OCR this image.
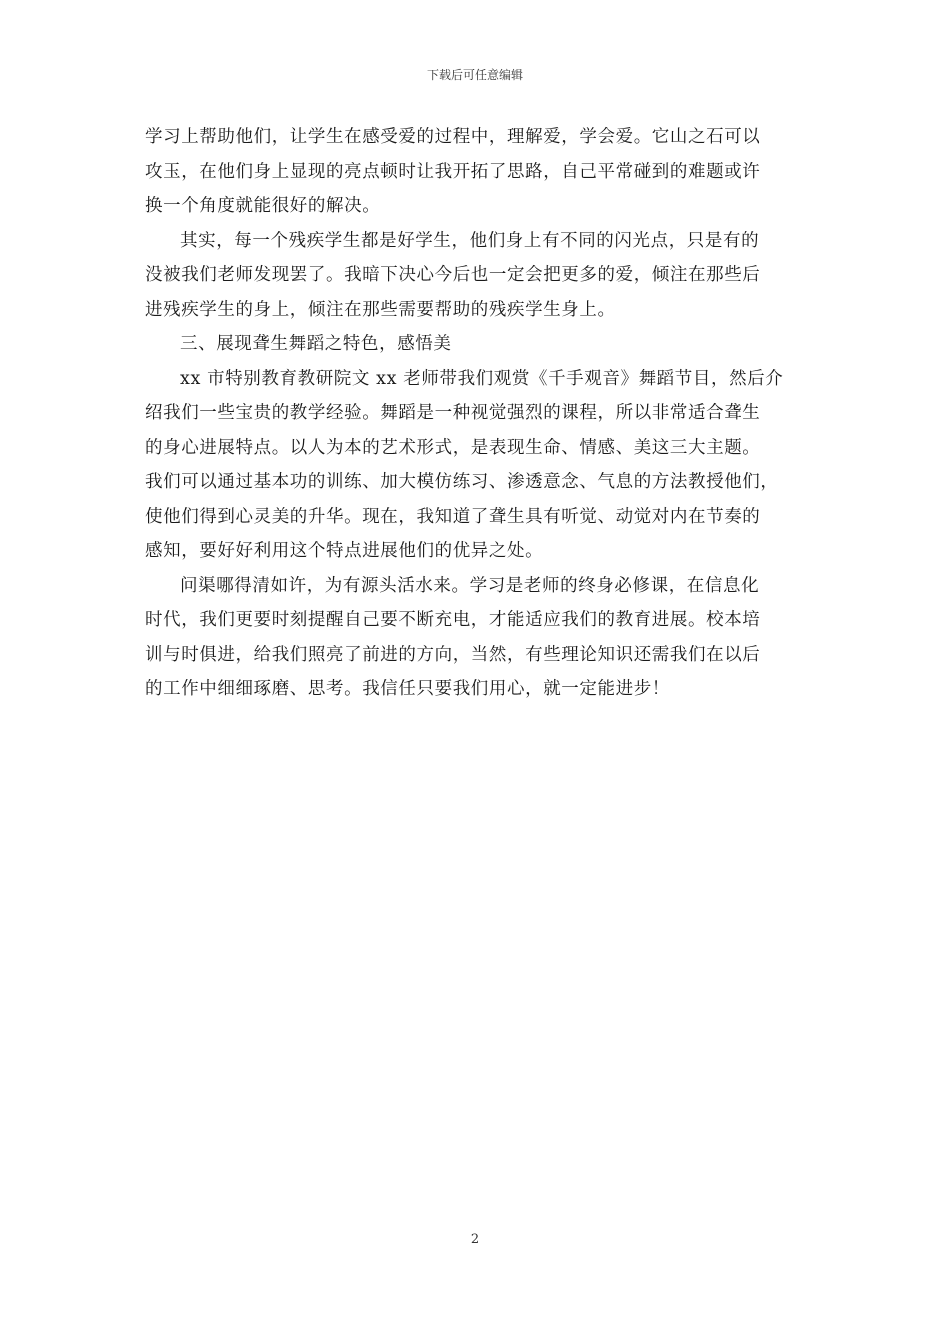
下载后可任意编辑
学习上帮助他们，让学生在感受爱的过程中，理解爱，学会爱。它山之石可以
攻玉，在他们身上显现的亮点顿时让我开拓了思路，自己平常碰到的难题或许
换一个角度就能很好的解决。
其实，每一个残疾学生都是好学生，他们身上有不同的闪光点，只是有的
没被我们老师发现罢了。我暗下决心今后也一定会把更多的爱，倾注在那些后
进残疾学生的身上，倾注在那些需要帮助的残疾学生身上。
三、展现聋生舞蹈之特色，感悟美
xx 市特别教育教研院文 xx 老师带我们观赏《千手观音》舞蹈节目，然后介
绍我们一些宝贵的教学经验。舞蹈是一种视觉强烈的课程，所以非常适合聋生
的身心进展特点。以人为本的艺术形式，是表现生命、情感、美这三大主题。
我们可以通过基本功的训练、加大模仿练习、渗透意念、气息的方法教授他们，
使他们得到心灵美的升华。现在，我知道了聋生具有听觉、动觉对内在节奏的
感知，要好好利用这个特点进展他们的优异之处。
问渠哪得清如许，为有源头活水来。学习是老师的终身必修课，在信息化
时代，我们更要时刻提醒自己要不断充电，才能适应我们的教育进展。校本培
训与时俱进，给我们照亮了前进的方向，当然，有些理论知识还需我们在以后
的工作中细细琢磨、思考。我信任只要我们用心，就一定能进步！
2
